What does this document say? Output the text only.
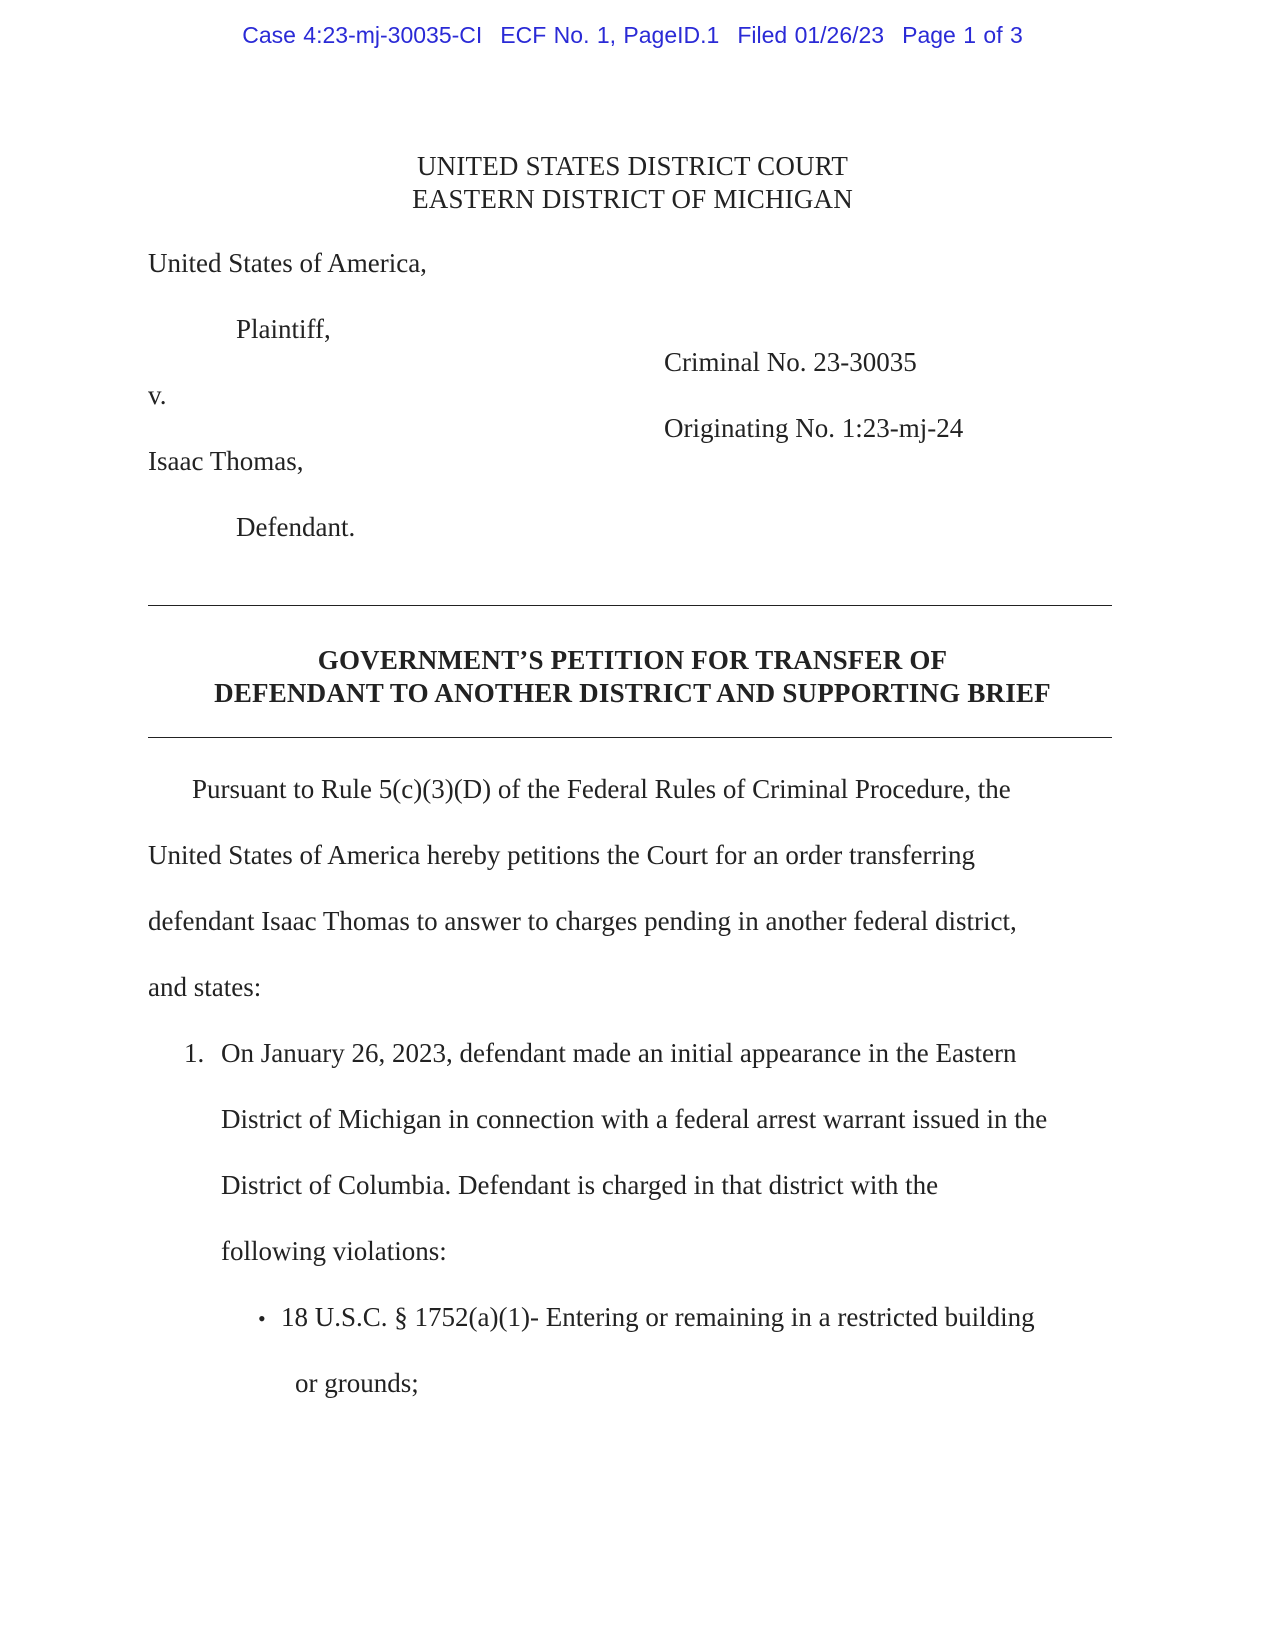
Case 4:23-mj-30035-CI ECF No. 1, PageID.1 Filed 01/26/23 Page 1 of 3
UNITED STATES DISTRICT COURT
EASTERN DISTRICT OF MICHIGAN
United States of America,
Plaintiff,
Criminal No. 23-30035
v.
Originating No. 1:23-mj-24
Isaac Thomas,
Defendant.
GOVERNMENT’S PETITION FOR TRANSFER OF
DEFENDANT TO ANOTHER DISTRICT AND SUPPORTING BRIEF
Pursuant to Rule 5(c)(3)(D) of the Federal Rules of Criminal Procedure, the
United States of America hereby petitions the Court for an order transferring
defendant Isaac Thomas to answer to charges pending in another federal district,
and states:
1. On January 26, 2023, defendant made an initial appearance in the Eastern
District of Michigan in connection with a federal arrest warrant issued in the
District of Columbia. Defendant is charged in that district with the
following violations:
• 18 U.S.C. § 1752(a)(1)- Entering or remaining in a restricted building
or grounds;
